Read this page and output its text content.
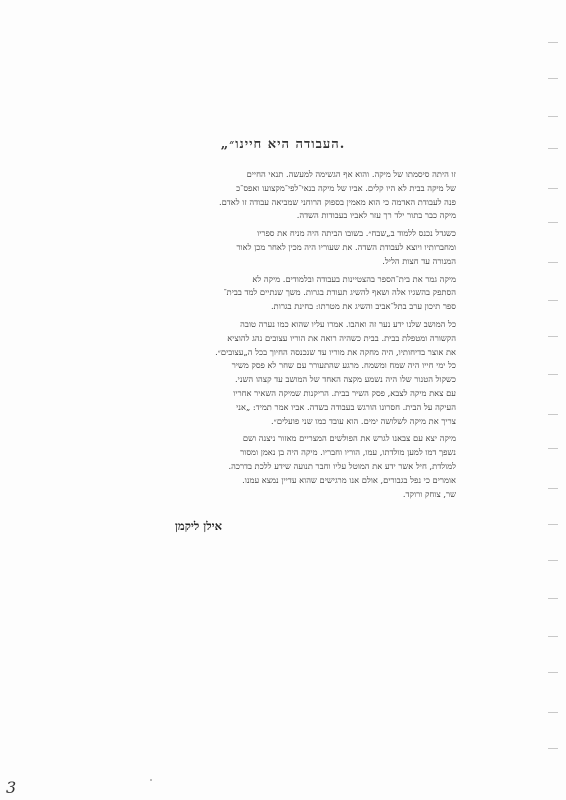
„העבודה היא חיינו״.

זו היתה סיסמתו של מיקה. והוא אף הגשימה למעשה. תנאי החיים
של מיקה בבית לא היו קלים. אביו של מיקה בנאי־לפי־מקצועו ואפס־כ
פנה לעבודת האדמה כי הוא מאמין בספוק הרוחני שמביאה עבודה זו לאדם.
מיקה כבר בתור ילד רך עזר לאביו בעבודות השדה.

כשגדל נכנס ללמוד ב„שבח״. בשובו הביתה היה מניח את ספריו
ומחברותיו ויוצא לעבודת השדה. את שעוריו היה מכין לאחר מכן לאור
המנורה עד חצות הליל.

מיקה גמר את בית־הספר בהצטיינות בעבודה ובלמודים. מיקה לא
הסתפק בהשגיו אלה ושאף להשיג תעודת בגרות. משך שנתיים למד בבית־
ספר תיכון ערב בתל־אביב והשיג את מטרתו: בחינת בגרות.

כל המושב שלנו ידע נער זה ואהבו. אמרו עליו שהוא כמו נערה טובה
הקשורה ומטפלת בבית. בבית כשהיה רואה את הוריו עצובים נהג להוציא
את אוצר בדיחותיו, היה מחקה את מוריו עד שנכנסה החיוך בכל ה„עצובים״.
כל ימי חייו היה שמח ומשמח. מרגע שהתעורר עם שחר לא פסק משיר
כשקול הטנור שלו היה נשמע מקצה האחד של המושב עד קצהו השני.
עם צאת מיקה לצבא, פסק השיר בבית. הריקנות שמיקה השאיר אחריו
העיקה על הבית. חסרונו הורגש בעבודה בשדה. אביו אמר תמיד: „אני
צריך את מיקה לשלושה ימים. הוא עובד כמו שני פועלים״.

מיקה יצא עם צבאנו לגרש את הפולשים המצריים מאזור ניצנה ושם
נשפך דמו למען מולדתו, עמו, הוריו וחבריו. מיקה היה בן נאמן ומסור
למולדת, חיל אשר ידע את המוטל עליו וחבר תנועה שידע ללכת בדרכה.
אומרים כי נפל בגבורים, אולם אנו מרגישים שהוא עדיין נמצא עמנו.
שר, צוחק ורוקד.

אילן ליקמן
3
